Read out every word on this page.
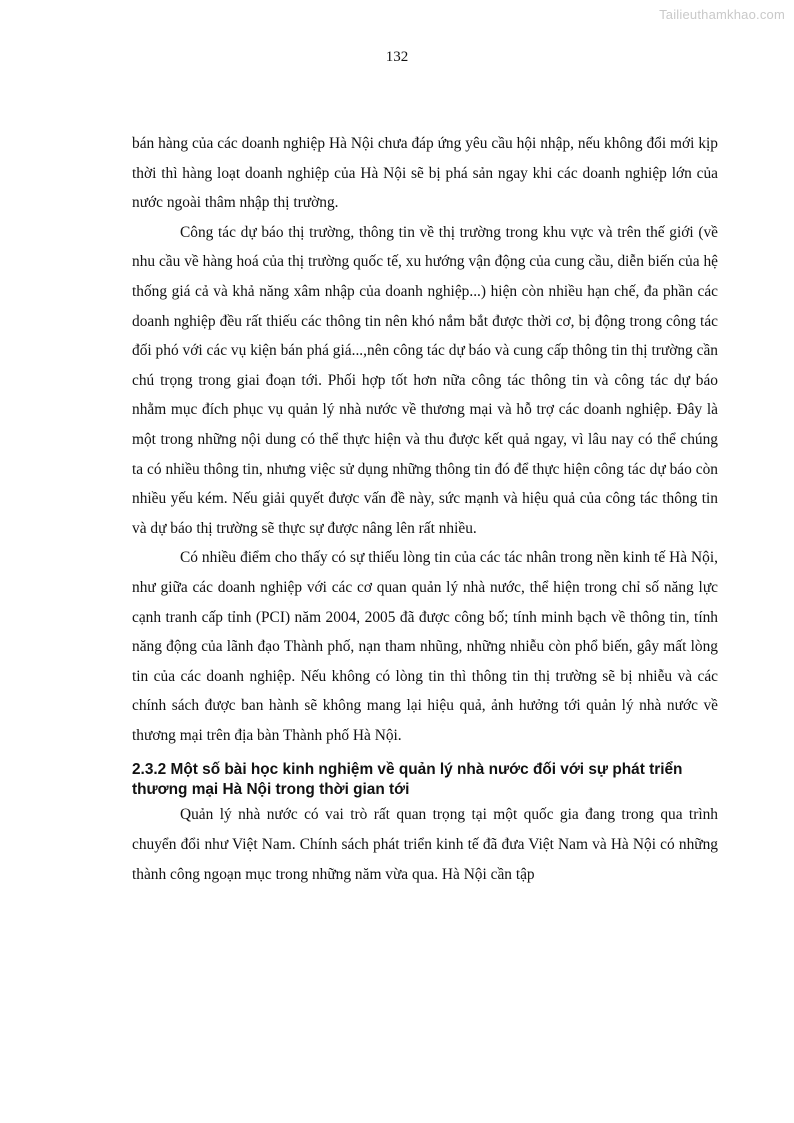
Tailieuthamkhao.com
132

bán hàng của các doanh nghiệp Hà Nội chưa đáp ứng yêu cầu hội nhập, nếu không đổi mới kịp thời thì hàng loạt doanh nghiệp của Hà Nội sẽ bị phá sản ngay khi các doanh nghiệp lớn của nước ngoài thâm nhập thị trường.

Công tác dự báo thị trường, thông tin về thị trường trong khu vực và trên thế giới (về nhu cầu về hàng hoá của thị trường quốc tế, xu hướng vận động của cung cầu, diễn biến của hệ thống giá cả và khả năng xâm nhập của doanh nghiệp...) hiện còn nhiều hạn chế, đa phần các doanh nghiệp đều rất thiếu các thông tin nên khó nắm bắt được thời cơ, bị động trong công tác đối phó với các vụ kiện bán phá giá...,nên công tác dự báo và cung cấp thông tin thị trường cần chú trọng trong giai đoạn tới. Phối hợp tốt hơn nữa công tác thông tin và công tác dự báo nhằm mục đích phục vụ quản lý nhà nước về thương mại và hỗ trợ các doanh nghiệp. Đây là một trong những nội dung có thể thực hiện và thu được kết quả ngay, vì lâu nay có thể chúng ta có nhiều thông tin, nhưng việc sử dụng những thông tin đó để thực hiện công tác dự báo còn nhiều yếu kém. Nếu giải quyết được vấn đề này, sức mạnh và hiệu quả của công tác thông tin và dự báo thị trường sẽ thực sự được nâng lên rất nhiều.

Có nhiều điểm cho thấy có sự thiếu lòng tin của các tác nhân trong nền kinh tế Hà Nội, như giữa các doanh nghiệp với các cơ quan quản lý nhà nước, thể hiện trong chỉ số năng lực cạnh tranh cấp tỉnh (PCI) năm 2004, 2005 đã được công bố; tính minh bạch về thông tin, tính năng động của lãnh đạo Thành phố, nạn tham nhũng, những nhiễu còn phổ biến, gây mất lòng tin của các doanh nghiệp. Nếu không có lòng tin thì thông tin thị trường sẽ bị nhiễu và các chính sách được ban hành sẽ không mang lại hiệu quả, ảnh hưởng tới quản lý nhà nước về thương mại trên địa bàn Thành phố Hà Nội.

2.3.2 Một số bài học kinh nghiệm về quản lý nhà nước đối với sự phát triển thương mại Hà Nội trong thời gian tới

Quản lý nhà nước có vai trò rất quan trọng tại một quốc gia đang trong qua trình chuyển đổi như Việt Nam. Chính sách phát triển kinh tế đã đưa Việt Nam và Hà Nội có những thành công ngoạn mục trong những năm vừa qua. Hà Nội cần tập
